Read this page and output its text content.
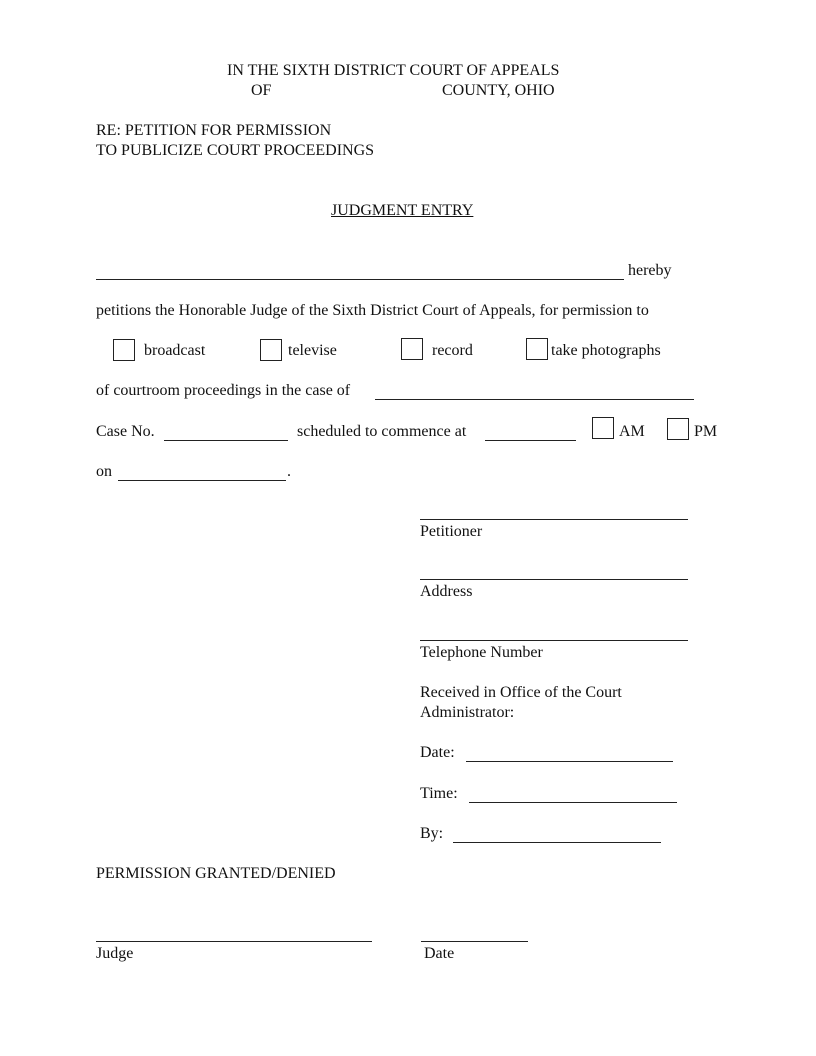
IN THE SIXTH DISTRICT COURT OF APPEALS
OF	COUNTY, OHIO
RE: PETITION FOR PERMISSION
TO PUBLICIZE COURT PROCEEDINGS
JUDGMENT ENTRY
hereby
petitions the Honorable Judge of the Sixth District Court of Appeals, for permission to
broadcast	televise	record	take photographs
of courtroom proceedings in the case of
Case No.	scheduled to commence at	AM	PM
on	.
Petitioner
Address
Telephone Number
Received in Office of the Court
Administrator:
Date:
Time:
By:
PERMISSION GRANTED/DENIED
Judge	Date
